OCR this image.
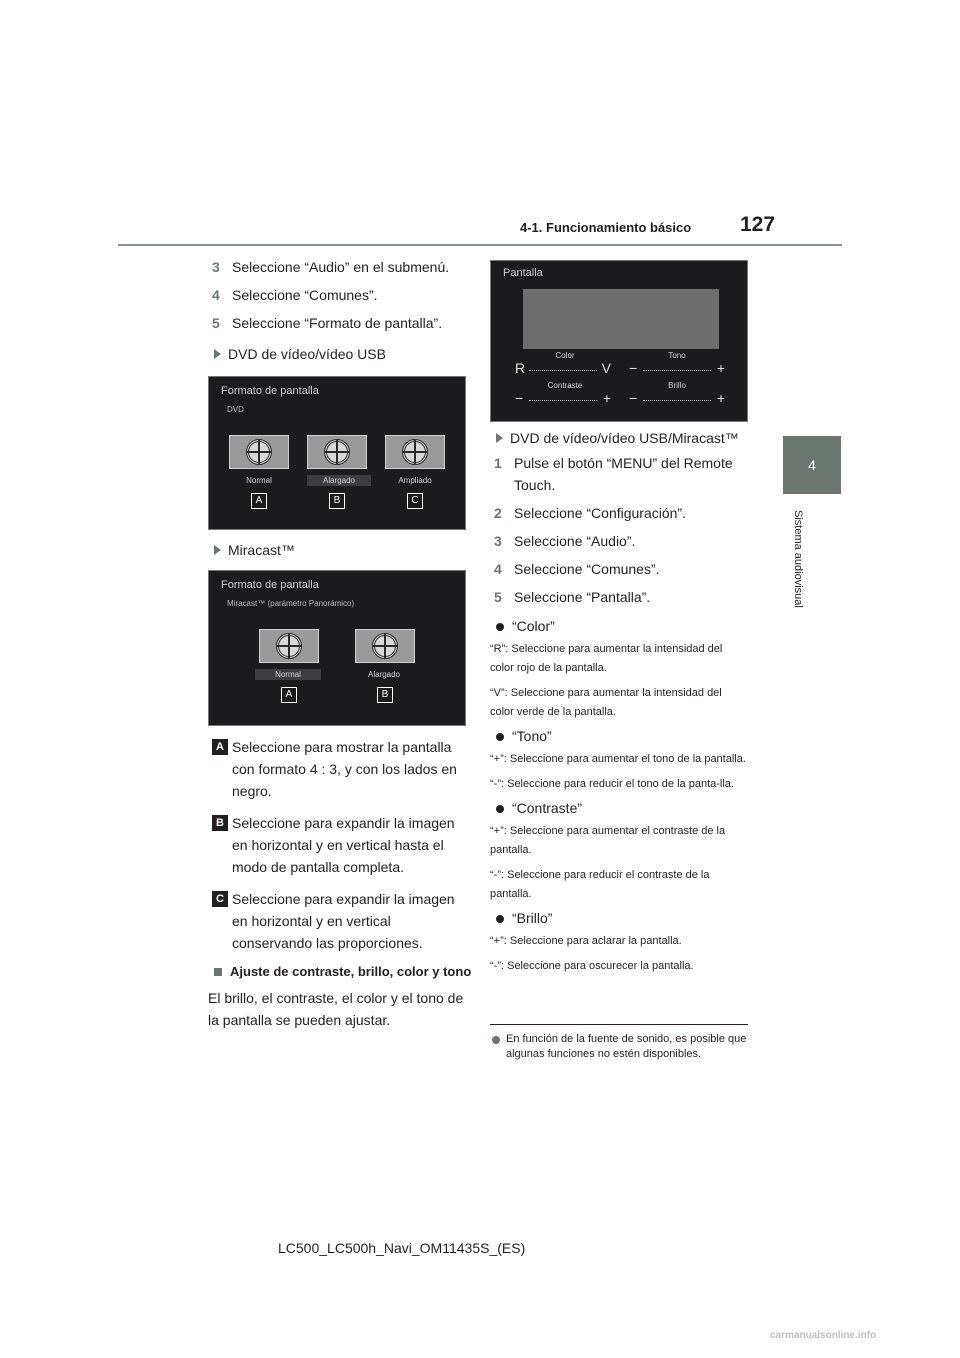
4-1. Funcionamiento básico 127
4
Sistema audiovisual
3 Seleccione “Audio” en el submenú.
4 Seleccione “Comunes”.
5 Seleccione “Formato de pantalla”.
DVD de vídeo/vídeo USB
Formato de pantalla
DVD
Normal	Alargado	Ampliado
A	B	C
Miracast™
Formato de pantalla
Miracast™ (parámetro Panorámico)
Normal	Alargado
A	B
A Seleccione para mostrar la pantalla con formato 4 : 3, y con los lados en negro.
B Seleccione para expandir la imagen en horizontal y en vertical hasta el modo de pantalla completa.
C Seleccione para expandir la imagen en horizontal y en vertical conservando las proporciones.
Ajuste de contraste, brillo, color y tono
El brillo, el contraste, el color y el tono de la pantalla se pueden ajustar.
Pantalla
Color	Tono
R	V −	+
Contraste	Brillo
−	+ −	+
DVD de vídeo/vídeo USB/Miracast™
1 Pulse el botón “MENU” del Remote Touch.
2 Seleccione “Configuración”.
3 Seleccione “Audio”.
4 Seleccione “Comunes”.
5 Seleccione “Pantalla”.
“Color”
“R”: Seleccione para aumentar la intensidad del color rojo de la pantalla.
“V”: Seleccione para aumentar la intensidad del color verde de la pantalla.
“Tono”
“+”: Seleccione para aumentar el tono de la pantalla.
“-”: Seleccione para reducir el tono de la panta-lla.
“Contraste”
“+”: Seleccione para aumentar el contraste de la pantalla.
“-”: Seleccione para reducir el contraste de la pantalla.
“Brillo”
“+”: Seleccione para aclarar la pantalla.
“-”: Seleccione para oscurecer la pantalla.
En función de la fuente de sonido, es posible que algunas funciones no estén disponibles.
LC500_LC500h_Navi_OM11435S_(ES)
carmanualsonline.info
